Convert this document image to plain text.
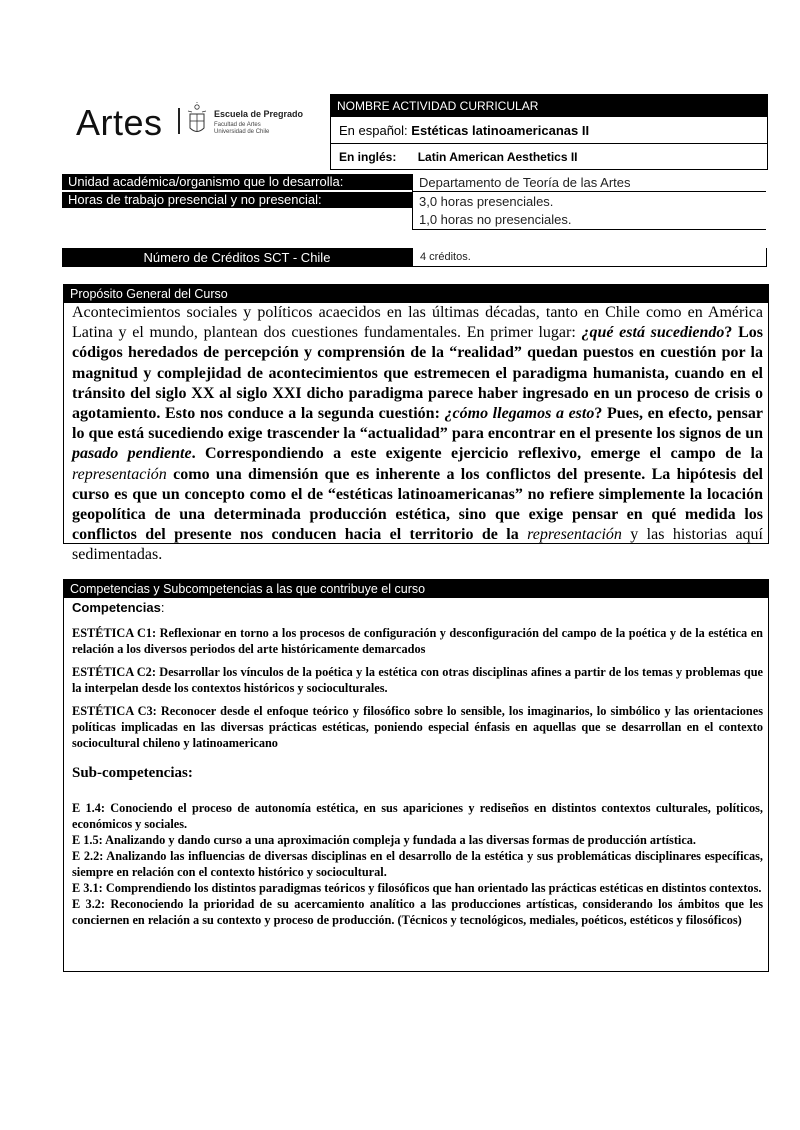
Artes	Escuela de Pregrado
Facultad de Artes
Universidad de Chile
NOMBRE ACTIVIDAD CURRICULAR
En español: Estéticas latinoamericanas II
En inglés: Latin American Aesthetics II
Unidad académica/organismo que lo desarrolla:
Horas de trabajo presencial y no presencial:
Departamento de Teoría de las Artes
3,0 horas presenciales.
1,0 horas no presenciales.
Número de Créditos SCT - Chile	4 créditos.
Propósito General del Curso
Acontecimientos sociales y políticos acaecidos en las últimas décadas, tanto en Chile como en América Latina y el mundo, plantean dos cuestiones fundamentales. En primer lugar: ¿qué está sucediendo? Los códigos heredados de percepción y comprensión de la “realidad” quedan puestos en cuestión por la magnitud y complejidad de acontecimientos que estremecen el paradigma humanista, cuando en el tránsito del siglo XX al siglo XXI dicho paradigma parece haber ingresado en un proceso de crisis o agotamiento. Esto nos conduce a la segunda cuestión: ¿cómo llegamos a esto? Pues, en efecto, pensar lo que está sucediendo exige trascender la “actualidad” para encontrar en el presente los signos de un pasado pendiente. Correspondiendo a este exigente ejercicio reflexivo, emerge el campo de la representación como una dimensión que es inherente a los conflictos del presente. La hipótesis del curso es que un concepto como el de “estéticas latinoamericanas” no refiere simplemente la locación geopolítica de una determinada producción estética, sino que exige pensar en qué medida los conflictos del presente nos conducen hacia el territorio de la representación y las historias aquí sedimentadas.
Competencias y Subcompetencias a las que contribuye el curso
Competencias:

ESTÉTICA C1: Reflexionar en torno a los procesos de configuración y desconfiguración del campo de la poética y de la estética en relación a los diversos periodos del arte históricamente demarcados

ESTÉTICA C2: Desarrollar los vínculos de la poética y la estética con otras disciplinas afines a partir de los temas y problemas que la interpelan desde los contextos históricos y socioculturales.

ESTÉTICA C3: Reconocer desde el enfoque teórico y filosófico sobre lo sensible, los imaginarios, lo simbólico y las orientaciones políticas implicadas en las diversas prácticas estéticas, poniendo especial énfasis en aquellas que se desarrollan en el contexto sociocultural chileno y latinoamericano

Sub-competencias:

E 1.4: Conociendo el proceso de autonomía estética, en sus apariciones y rediseños en distintos contextos culturales, políticos, económicos y sociales.

E 1.5: Analizando y dando curso a una aproximación compleja y fundada a las diversas formas de producción artística.

E 2.2: Analizando las influencias de diversas disciplinas en el desarrollo de la estética y sus problemáticas disciplinares específicas, siempre en relación con el contexto histórico y sociocultural.

E 3.1: Comprendiendo los distintos paradigmas teóricos y filosóficos que han orientado las prácticas estéticas en distintos contextos.

E 3.2: Reconociendo la prioridad de su acercamiento analítico a las producciones artísticas, considerando los ámbitos que les conciernen en relación a su contexto y proceso de producción. (Técnicos y tecnológicos, mediales, poéticos, estéticos y filosóficos)
